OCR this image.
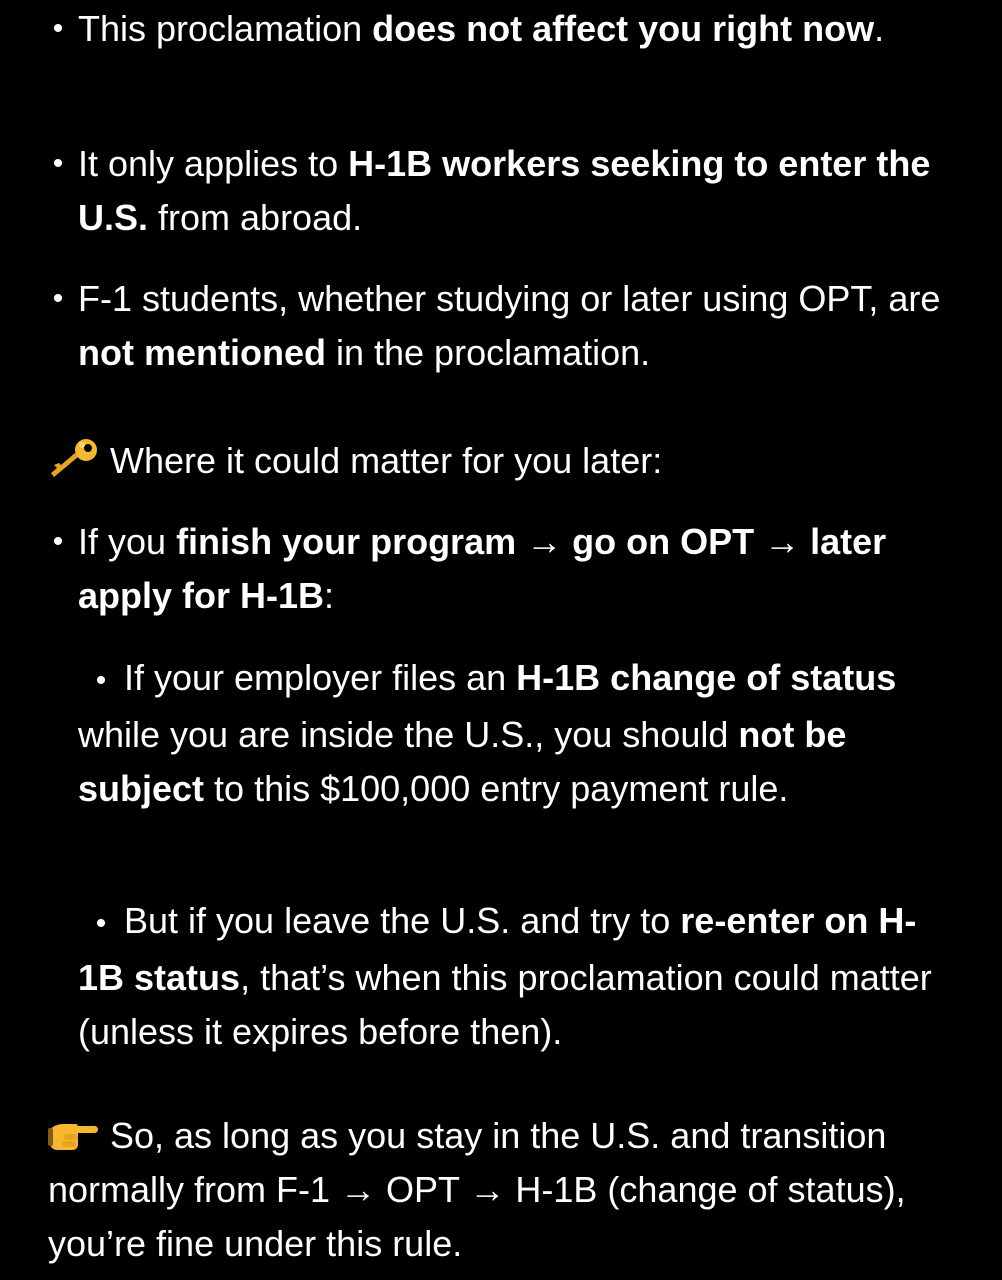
• This proclamation does not affect you right now.
• It only applies to H-1B workers seeking to enter the U.S. from abroad.
• F-1 students, whether studying or later using OPT, are not mentioned in the proclamation.
Where it could matter for you later:
• If you finish your program → go on OPT → later apply for H-1B:
• If your employer files an H-1B change of status while you are inside the U.S., you should not be subject to this $100,000 entry payment rule.
• But if you leave the U.S. and try to re-enter on H-1B status, that’s when this proclamation could matter (unless it expires before then).
So, as long as you stay in the U.S. and transition normally from F-1 → OPT → H-1B (change of status), you’re fine under this rule.
